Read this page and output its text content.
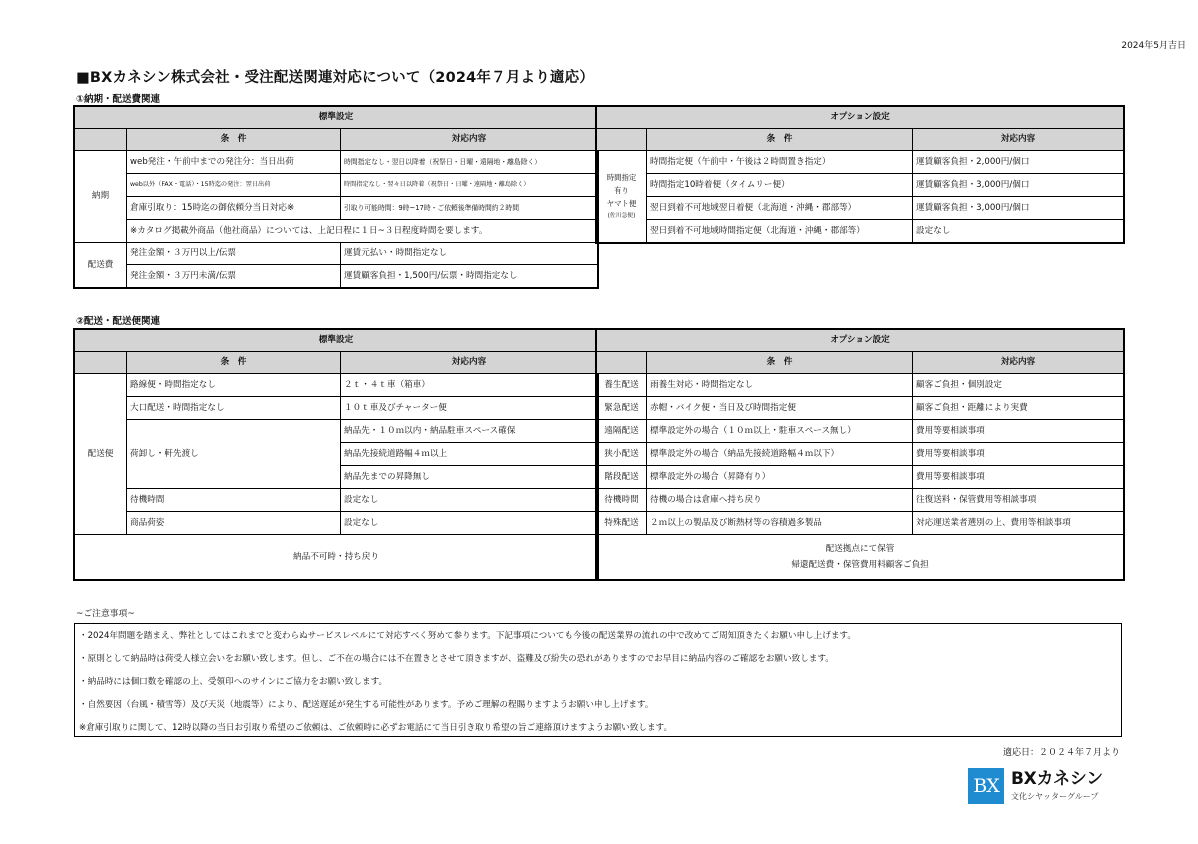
2024年5月吉日
■BXカネシン株式会社・受注配送関連対応について（2024年７月より適応）
①納期・配送費関連
標準設定		
	条　件	対応内容
納期	web発注・午前中までの発注分：当日出荷	時間指定なし・翌日以降着（祝祭日・日曜・遠隔地・離島除く）
	web以外（FAX・電話）・15時迄の発注：翌日出荷	時間指定なし・翌々日以降着（祝祭日・日曜・遠隔地・離島除く）
	倉庫引取り：15時迄の御依頼分当日対応※	引取り可能時間：9時~17時・ご依頼後準備時間約２時間
	※カタログ掲載外商品（他社商品）については、上記日程に１日~３日程度時間を要します。	
配送費	発注金額・３万円以上/伝票	運賃元払い・時間指定なし
	発注金額・３万円未満/伝票	運賃顧客負担・1,500円/伝票・時間指定なし
オプション設定		
	条　件	対応内容

時間指定
有り
ヤマト便
(佐川急便)	時間指定便（午前中・午後は２時間置き指定）	運賃顧客負担・2,000円/個口
	時間指定10時着便（タイムリー便）	運賃顧客負担・3,000円/個口
	翌日到着不可地域翌日着便（北海道・沖縄・郡部等）	運賃顧客負担・3,000円/個口
	翌日到着不可地域時間指定便（北海道・沖縄・郡部等）	設定なし
②配送・配送便関連
標準設定		
	条　件	対応内容
配送便	路線便・時間指定なし	２ｔ・４ｔ車（箱車）
	大口配送・時間指定なし	１０ｔ車及びチャーター便
	荷卸し・軒先渡し	納品先・１０ｍ以内・納品駐車スペース確保
		納品先接続道路幅４ｍ以上
		納品先までの昇降無し
	待機時間	設定なし
	商品荷姿	設定なし
納品不可時・持ち戻り		
オプション設定		
	条　件	対応内容
養生配送	雨養生対応・時間指定なし	顧客ご負担・個別設定
緊急配送	赤帽・バイク便・当日及び時間指定便	顧客ご負担・距離により実費
遠隔配送	標準設定外の場合（１０ｍ以上・駐車スペース無し）	費用等要相談事項
狭小配送	標準設定外の場合（納品先接続道路幅４ｍ以下）	費用等要相談事項
階段配送	標準設定外の場合（昇降有り）	費用等要相談事項
待機時間	待機の場合は倉庫へ持ち戻り	往復送料・保管費用等相談事項
特殊配送	２ｍ以上の製品及び断熱材等の容積過多製品	対応運送業者選別の上、費用等相談事項

配送拠点にて保管
帰還配送費・保管費用料顧客ご負担		
~ご注意事項~
・2024年問題を踏まえ、弊社としてはこれまでと変わらぬサービスレベルにて対応すべく努めて参ります。下記事項についても今後の配送業界の流れの中で改めてご周知頂きたくお願い申し上げます。
・原則として納品時は荷受人様立会いをお願い致します。但し、ご不在の場合には不在置きとさせて頂きますが、盗難及び紛失の恐れがありますのでお早目に納品内容のご確認をお願い致します。
・納品時には個口数を確認の上、受領印へのサインにご協力をお願い致します。
・自然要因（台風・積雪等）及び天災（地震等）により、配送遅延が発生する可能性があります。予めご理解の程賜りますようお願い申し上げます。
※倉庫引取りに関して、12時以降の当日お引取り希望のご依頼は、ご依頼時に必ずお電話にて当日引き取り希望の旨ご連絡頂けますようお願い致します。
適応日：２０２４年７月より
BX BXカネシン
文化シヤッターグループ
